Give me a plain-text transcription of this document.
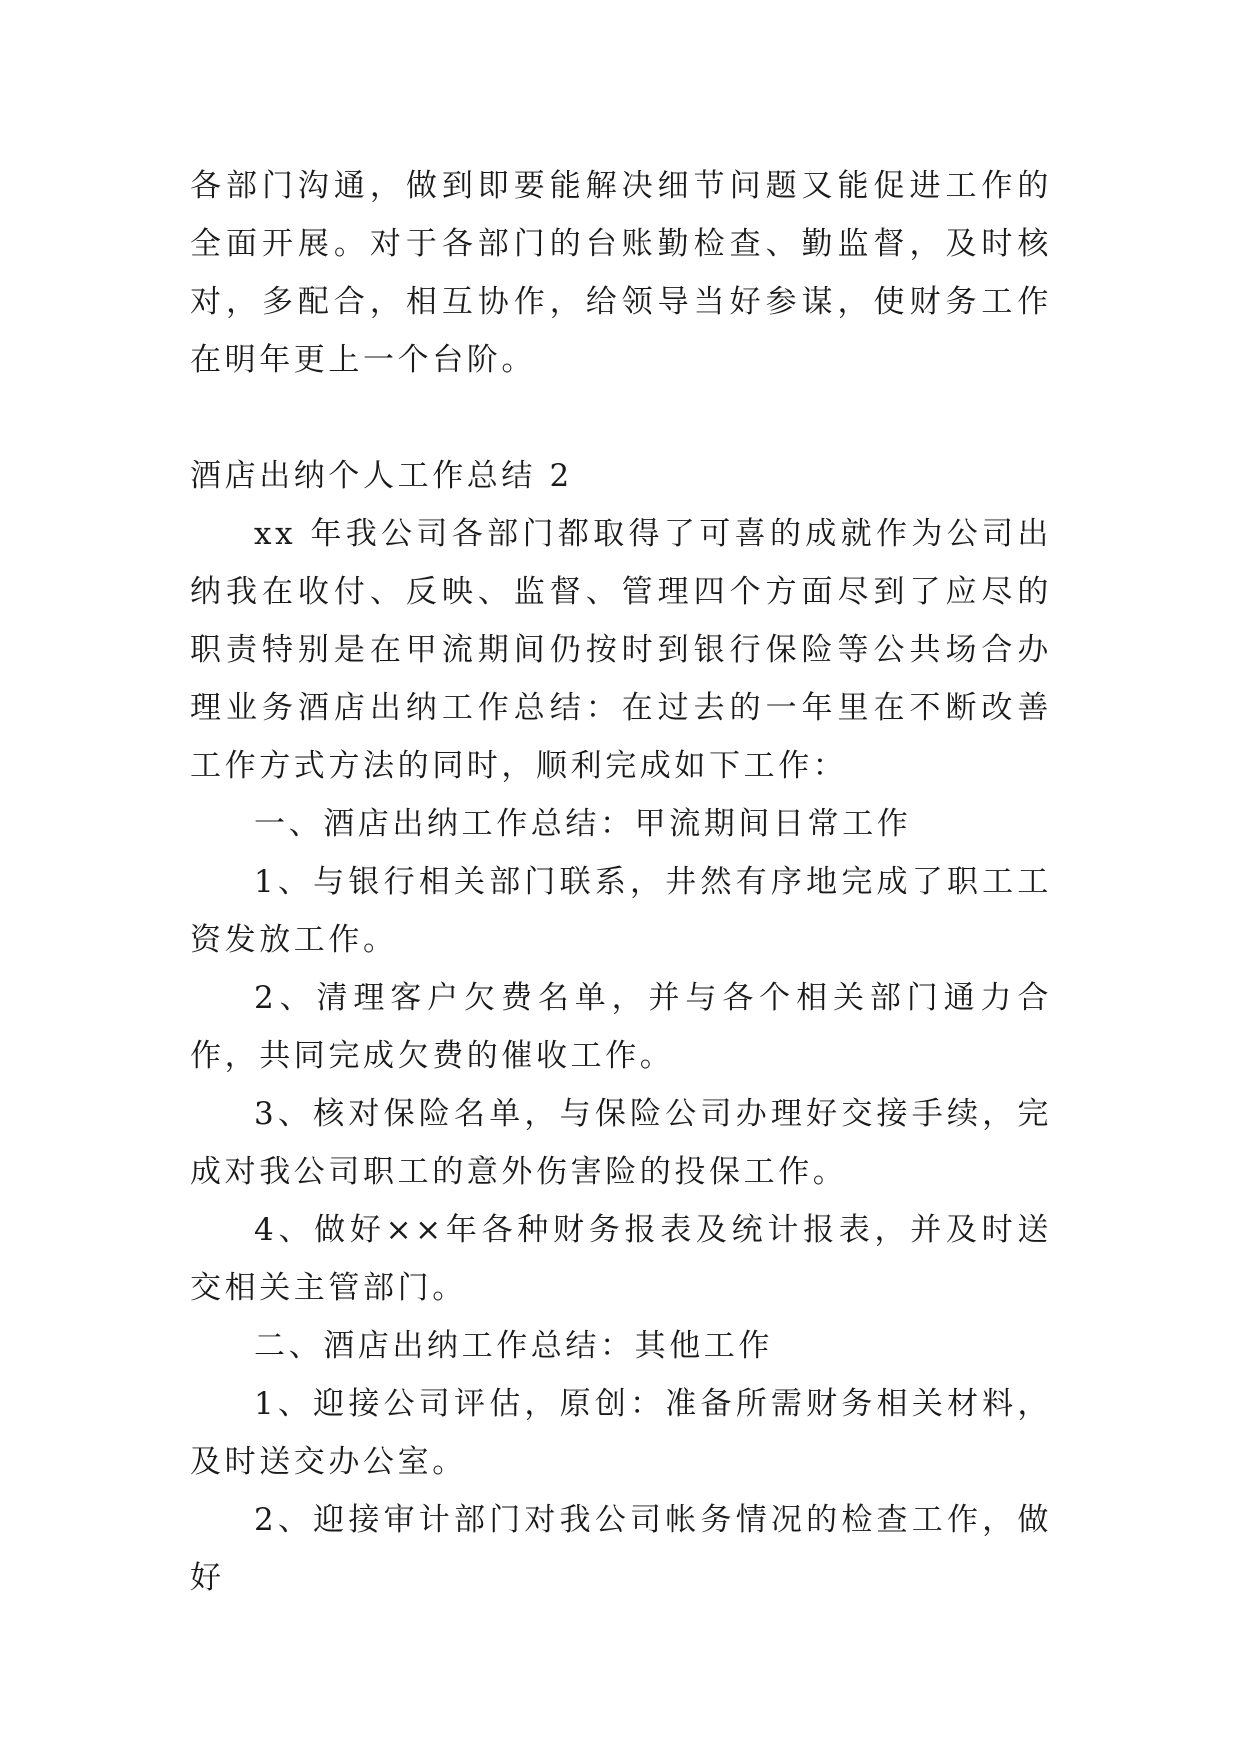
各部门沟通，做到即要能解决细节问题又能促进工作的全面开展。对于各部门的台账勤检查、勤监督，及时核对，多配合，相互协作，给领导当好参谋，使财务工作在明年更上一个台阶。

酒店出纳个人工作总结 2

xx 年我公司各部门都取得了可喜的成就作为公司出纳我在收付、反映、监督、管理四个方面尽到了应尽的职责特别是在甲流期间仍按时到银行保险等公共场合办理业务酒店出纳工作总结：在过去的一年里在不断改善工作方式方法的同时，顺利完成如下工作：

一、酒店出纳工作总结：甲流期间日常工作

1、与银行相关部门联系，井然有序地完成了职工工资发放工作。

2、清理客户欠费名单，并与各个相关部门通力合作，共同完成欠费的催收工作。

3、核对保险名单，与保险公司办理好交接手续，完成对我公司职工的意外伤害险的投保工作。

4、做好××年各种财务报表及统计报表，并及时送交相关主管部门。

二、酒店出纳工作总结：其他工作

1、迎接公司评估，原创：准备所需财务相关材料，及时送交办公室。

2、迎接审计部门对我公司帐务情况的检查工作，做好
